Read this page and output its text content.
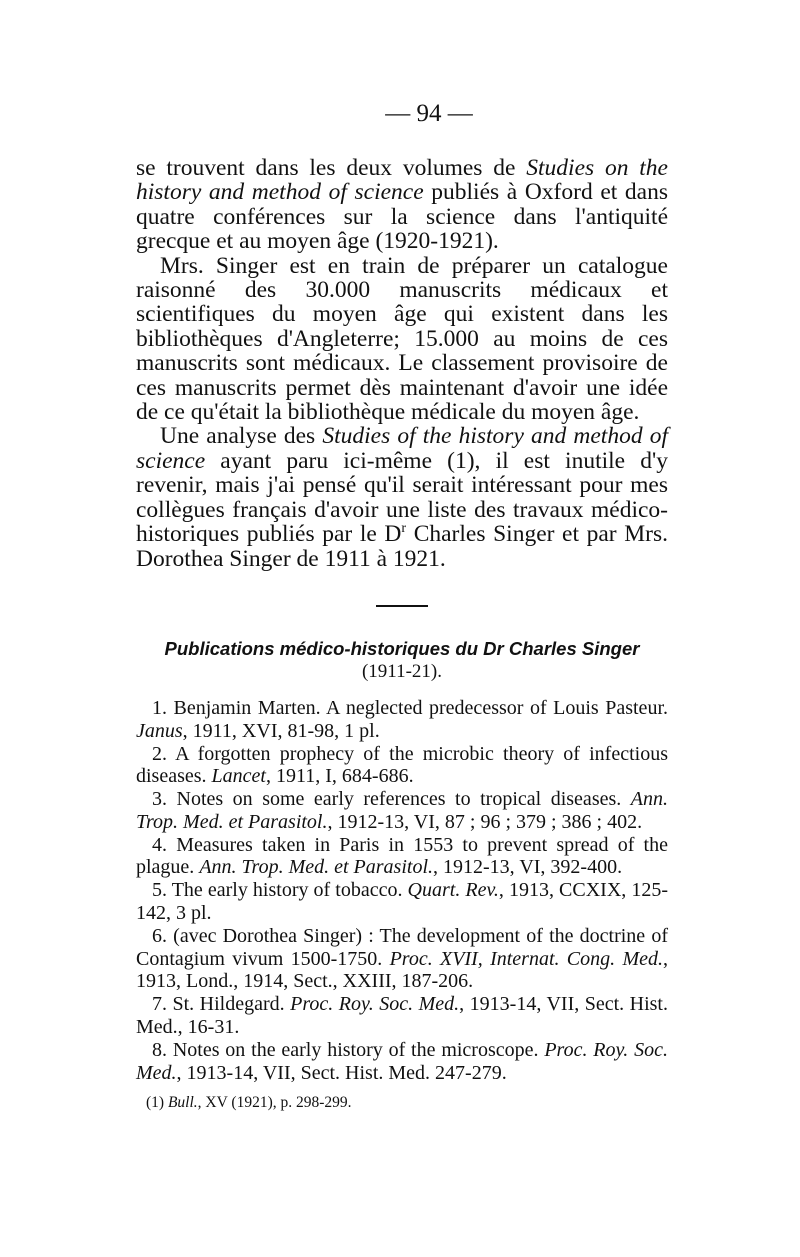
— 94 —

se trouvent dans les deux volumes de Studies on the history and method of science publiés à Oxford et dans quatre conférences sur la science dans l'antiquité grecque et au moyen âge (1920-1921).

Mrs. Singer est en train de préparer un catalogue raisonné des 30.000 manuscrits médicaux et scientifiques du moyen âge qui existent dans les bibliothèques d'Angleterre; 15.000 au moins de ces manuscrits sont médicaux. Le classement provisoire de ces manuscrits permet dès maintenant d'avoir une idée de ce qu'était la bibliothèque médicale du moyen âge.

Une analyse des Studies of the history and method of science ayant paru ici-même (1), il est inutile d'y revenir, mais j'ai pensé qu'il serait intéressant pour mes collègues français d'avoir une liste des travaux médico-historiques publiés par le $D^r$ Charles Singer et par Mrs. Dorothea Singer de 1911 à 1921.

Publications médico-historiques du Dr Charles Singer
(1911-21).

1. Benjamin Marten. A neglected predecessor of Louis Pasteur. Janus, 1911, XVI, 81-98, 1 pl.

2. A forgotten prophecy of the microbic theory of infectious diseases. Lancet, 1911, I, 684-686.

3. Notes on some early references to tropical diseases. Ann. Trop. Med. et Parasitol., 1912-13, VI, 87 ; 96 ; 379 ; 386 ; 402.

4. Measures taken in Paris in 1553 to prevent spread of the plague. Ann. Trop. Med. et Parasitol., 1912-13, VI, 392-400.

5. The early history of tobacco. Quart. Rev., 1913, CCXIX, 125-142, 3 pl.

6. (avec Dorothea Singer) : The development of the doctrine of Contagium vivum 1500-1750. Proc. XVII, Internat. Cong. Med., 1913, Lond., 1914, Sect., XXIII, 187-206.

7. St. Hildegard. Proc. Roy. Soc. Med., 1913-14, VII, Sect. Hist. Med., 16-31.

8. Notes on the early history of the microscope. Proc. Roy. Soc. Med., 1913-14, VII, Sect. Hist. Med. 247-279.

(1) Bull., XV (1921), p. 298-299.
